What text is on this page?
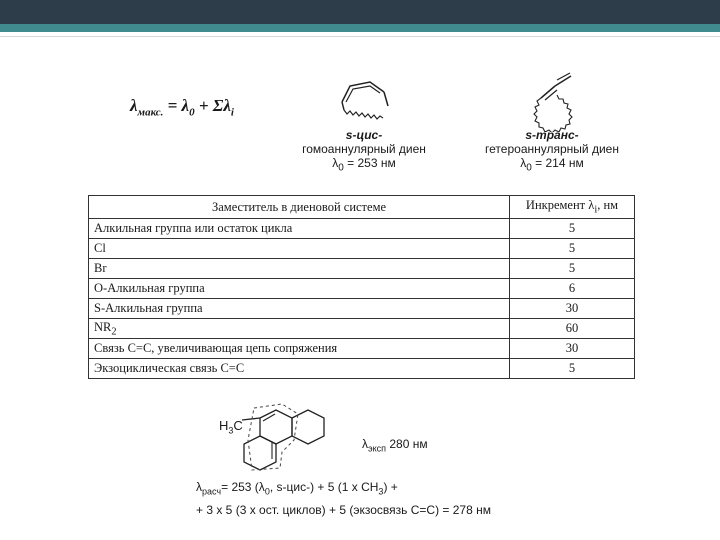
$\lambda_{макс.} = \lambda_0 + \Sigma\lambda_i$
s-цис-
гомоаннулярный диен
$\lambda_0 = 253$ нм
s-транс-
гетероаннулярный диен
$\lambda_0 = 214$ нм
Заместитель в диеновой системе	Инкремент $\lambda_i$, нм
Алкильная группа или остаток цикла	5
Cl	5
Br	5
O-Алкильная группа	6
S-Алкильная группа	30
$NR_2$	60
Связь C=C, увеличивающая цепь сопряжения	30
Экзоциклическая связь C=C	5
$H_3C$
$\lambda_{эксп}$ 280 нм
$\lambda_{расч}= 253$ ($\lambda_0$, s-цис-) + 5 (1 x $CH_3$) +
+ 3 x 5 (3 x ост. циклов) + 5 (экзосвязь C=C) = 278 нм
